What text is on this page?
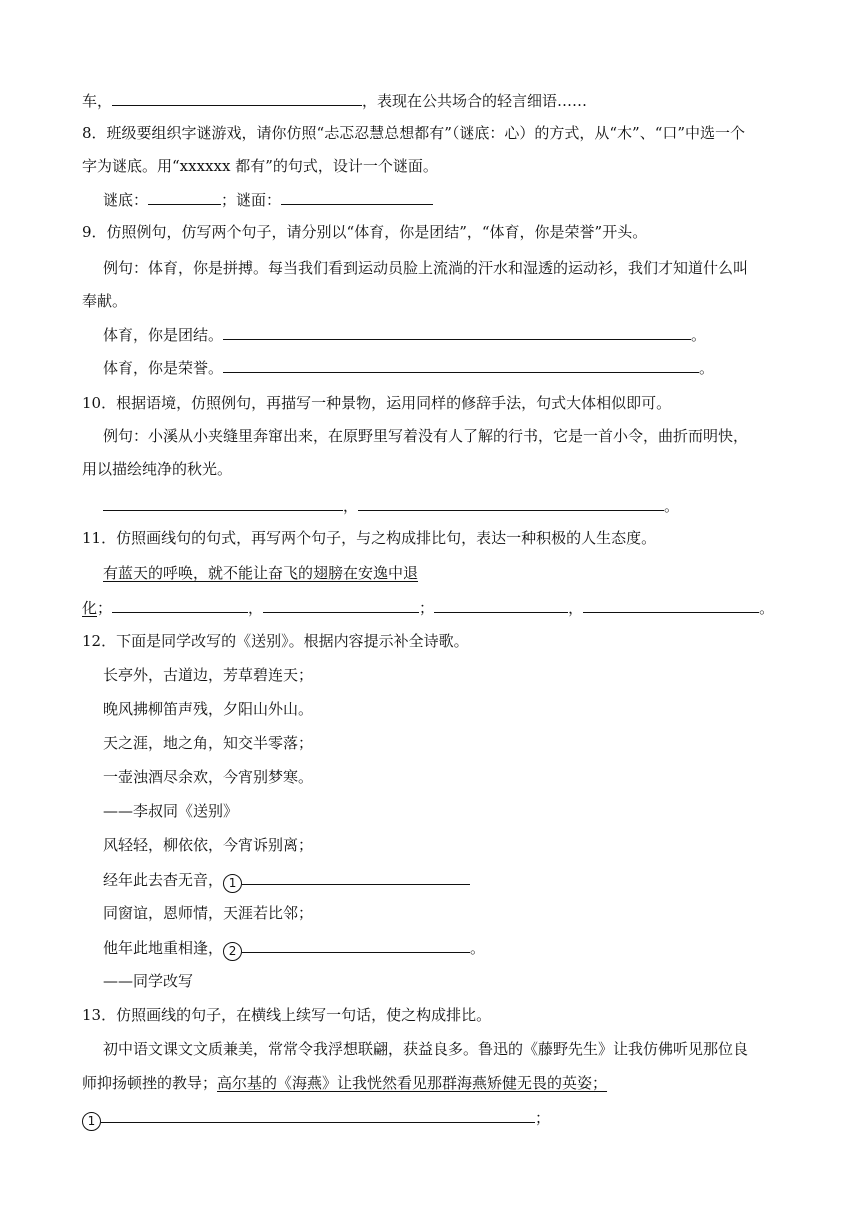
车，	，表现在公共场合的轻言细语……
8．班级要组织字谜游戏，请你仿照“忐忑忍慧总想都有”（谜底：心）的方式，从“木”、“口”中选一个
字为谜底。用“xxxxxx 都有”的句式，设计一个谜面。
谜底：	；谜面：
9．仿照例句，仿写两个句子，请分别以“体育，你是团结”，“体育，你是荣誉”开头。
例句：体育，你是拼搏。每当我们看到运动员脸上流淌的汗水和湿透的运动衫，我们才知道什么叫
奉献。
体育，你是团结。	。
体育，你是荣誉。	。
10．根据语境，仿照例句，再描写一种景物，运用同样的修辞手法，句式大体相似即可。
例句：小溪从小夹缝里奔窜出来，在原野里写着没有人了解的行书，它是一首小令，曲折而明快，
用以描绘纯净的秋光。
，	。
11．仿照画线句的句式，再写两个句子，与之构成排比句，表达一种积极的人生态度。
有蓝天的呼唤，就不能让奋飞的翅膀在安逸中退
化；	，	；	，	。
12．下面是同学改写的《送别》。根据内容提示补全诗歌。
长亭外，古道边，芳草碧连天；
晚风拂柳笛声残，夕阳山外山。
天之涯，地之角，知交半零落；
一壶浊酒尽余欢，今宵别梦寒。
——李叔同《送别》
风轻轻，柳依依，今宵诉别离；
经年此去杳无音， 1
同窗谊，恩师情，天涯若比邻；
他年此地重相逢， 2	。
——同学改写
13．仿照画线的句子，在横线上续写一句话，使之构成排比。
初中语文课文文质兼美，常常令我浮想联翩，获益良多。鲁迅的《藤野先生》让我仿佛听见那位良
师抑扬顿挫的教导；高尔基的《海燕》让我恍然看见那群海燕矫健无畏的英姿；
1	；
